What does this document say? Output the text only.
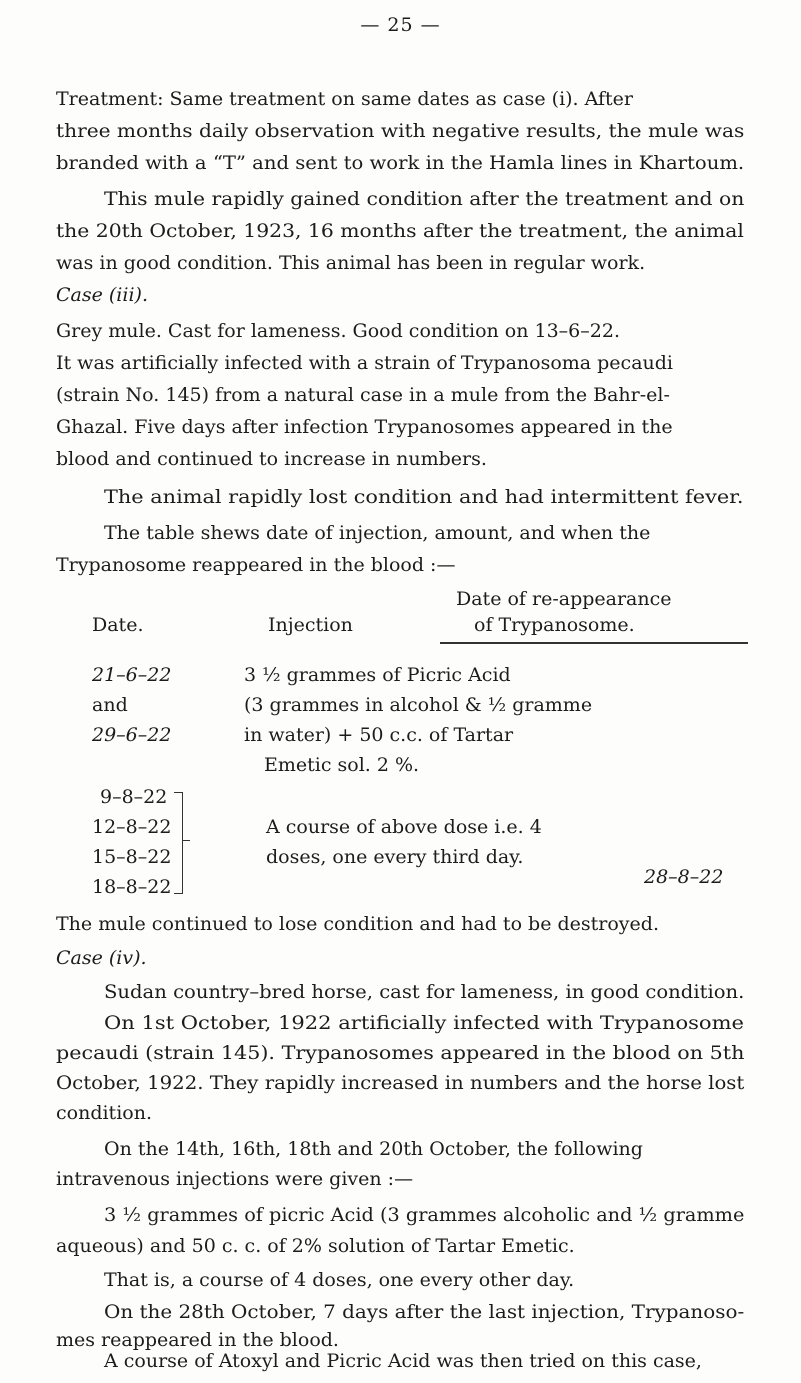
— 25 —
Treatment: Same treatment on same dates as case (i). After
three months daily observation with negative results, the mule was
branded with a “T” and sent to work in the Hamla lines in Khartoum.
This mule rapidly gained condition after the treatment and on
the 20th October, 1923, 16 months after the treatment, the animal
was in good condition. This animal has been in regular work.
Case (iii).
Grey mule. Cast for lameness. Good condition on 13–6–22.
It was artificially infected with a strain of Trypanosoma pecaudi
(strain No. 145) from a natural case in a mule from the Bahr-el-
Ghazal. Five days after infection Trypanosomes appeared in the
blood and continued to increase in numbers.
The animal rapidly lost condition and had intermittent fever.
The table shews date of injection, amount, and when the
Trypanosome reappeared in the blood :—
Date of re-appearance
Date.	Injection	of Trypanosome.
21–6–22
and
29–6–22
3 ½ grammes of Picric Acid
(3 grammes in alcohol & ½ gramme
in water) + 50 c.c. of Tartar
Emetic sol. 2 %.
9–8–22
12–8–22
15–8–22
18–8–22
A course of above dose i.e. 4
doses, one every third day.
28–8–22
The mule continued to lose condition and had to be destroyed.
Case (iv).
Sudan country–bred horse, cast for lameness, in good condition.
On 1st October, 1922 artificially infected with Trypanosome
pecaudi (strain 145). Trypanosomes appeared in the blood on 5th
October, 1922. They rapidly increased in numbers and the horse lost
condition.
On the 14th, 16th, 18th and 20th October, the following
intravenous injections were given :—
3 ½ grammes of picric Acid (3 grammes alcoholic and ½ gramme
aqueous) and 50 c. c. of 2% solution of Tartar Emetic.
That is, a course of 4 doses, one every other day.
On the 28th October, 7 days after the last injection, Trypanoso-
mes reappeared in the blood.
A course of Atoxyl and Picric Acid was then tried on this case,
